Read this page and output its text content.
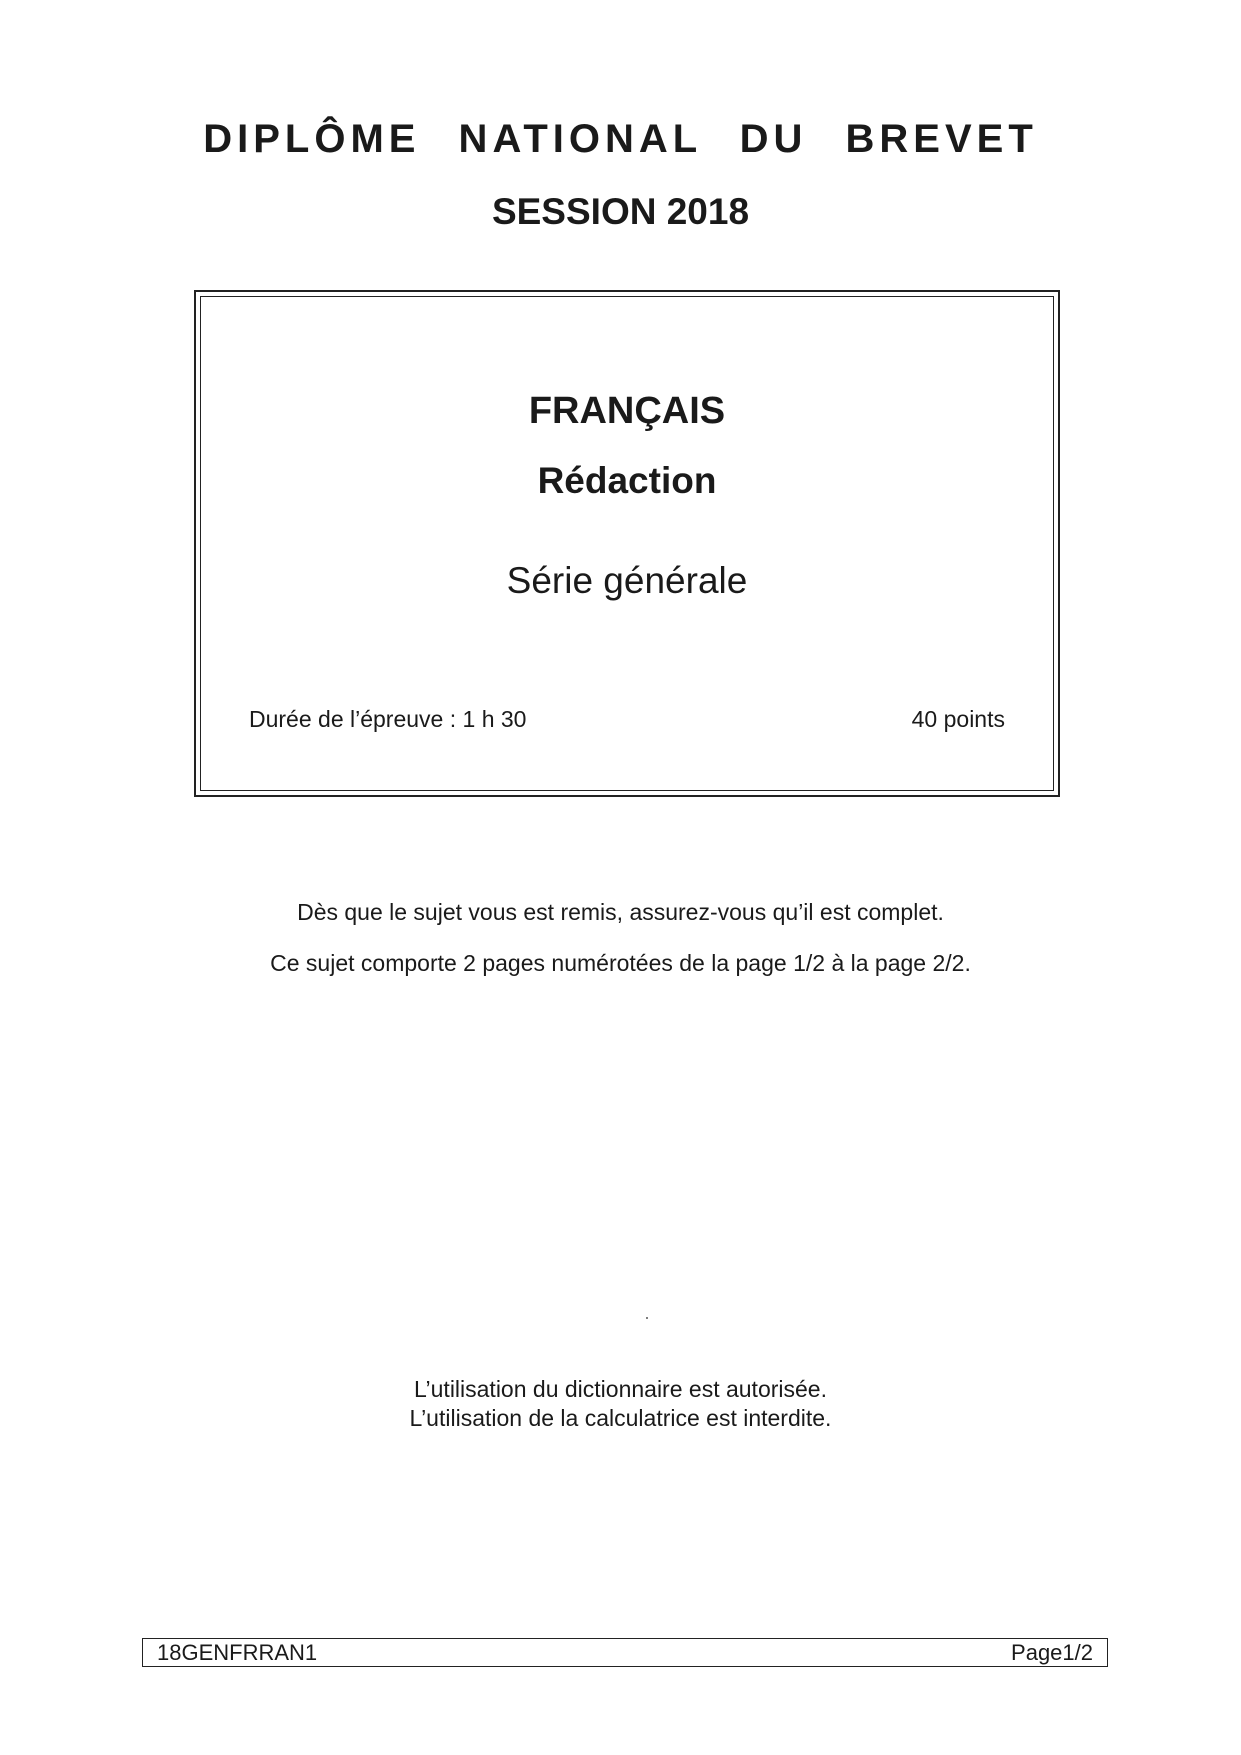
DIPLÔME NATIONAL DU BREVET
SESSION 2018
FRANÇAIS
Rédaction
Série générale
Durée de l’épreuve : 1 h 30	40 points
Dès que le sujet vous est remis, assurez-vous qu’il est complet.
Ce sujet comporte 2 pages numérotées de la page 1/2 à la page 2/2.
L’utilisation du dictionnaire est autorisée.
L’utilisation de la calculatrice est interdite.
18GENFRRAN1	Page1/2
